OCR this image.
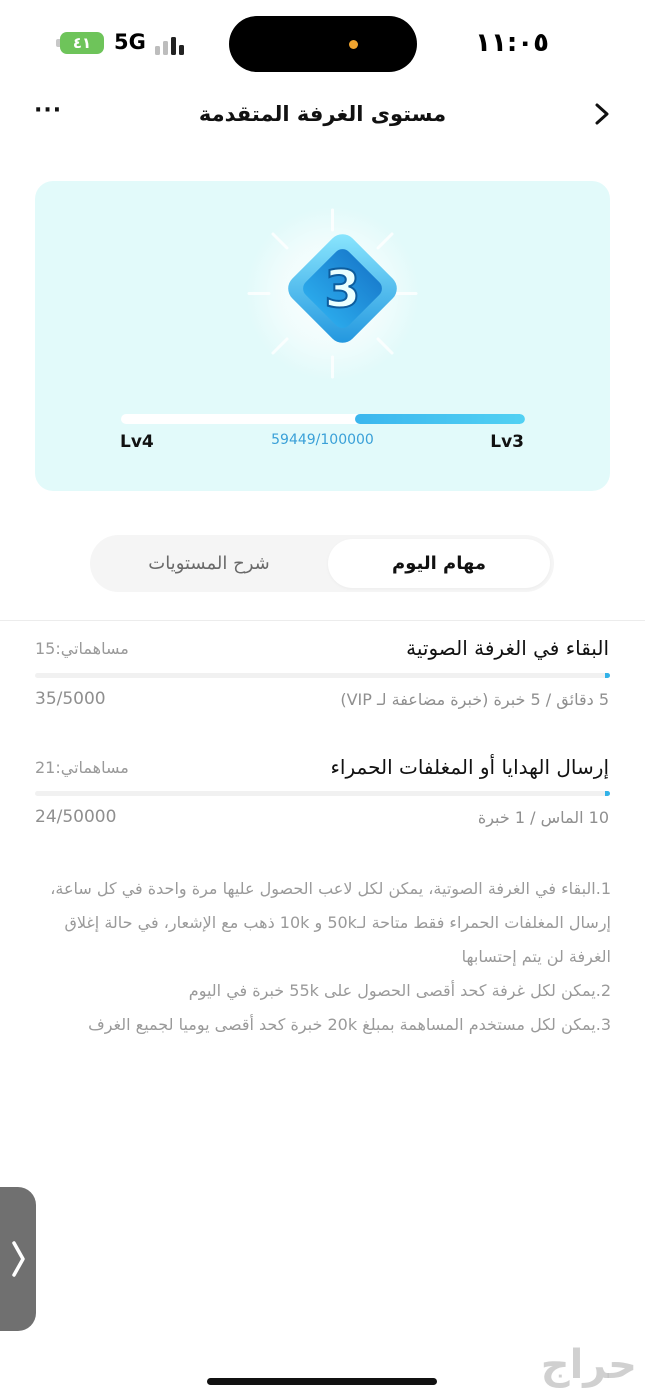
٤١	5G	١١:٠٥
مستوى الغرفة المتقدمة
···
3
Lv4	59449/100000	Lv3
مهام اليوم
شرح المستويات
البقاء في الغرفة الصوتية
مساهماتي:15
5 دقائق / 5 خبرة (خبرة مضاعفة لـ VIP)
35/5000
إرسال الهدايا أو المغلفات الحمراء
مساهماتي:21
10 الماس / 1 خبرة
24/50000

1.البقاء في الغرفة الصوتية، يمكن لكل لاعب الحصول عليها مرة واحدة في كل ساعة، إرسال المغلفات الحمراء فقط متاحة لـ50k و 10k ذهب مع الإشعار، في حالة إغلاق الغرفة لن يتم إحتسابها

2.يمكن لكل غرفة كحد أقصى الحصول على 55k خبرة في اليوم

3.يمكن لكل مستخدم المساهمة بمبلغ 20k خبرة كحد أقصى يوميا لجميع الغرف

حراج
